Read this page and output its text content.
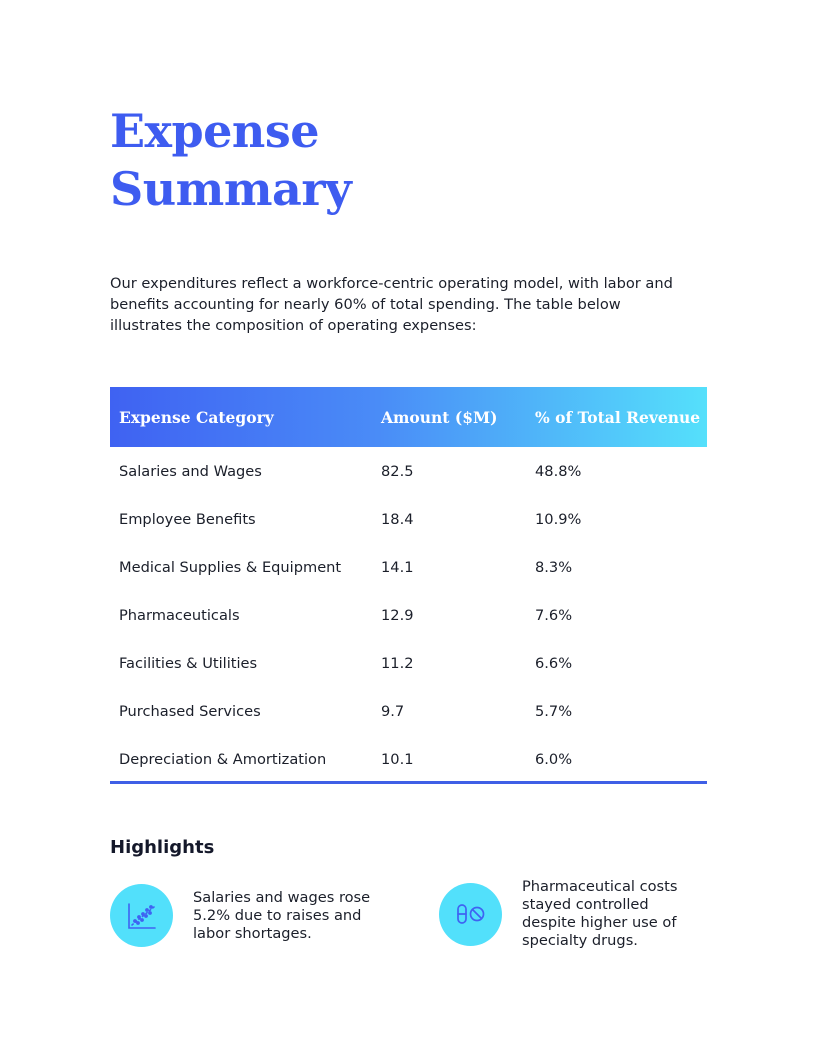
Expense
Summary

Our expenditures reflect a workforce-centric operating model, with labor and benefits accounting for nearly 60% of total spending. The table below illustrates the composition of operating expenses:

Expense Category	Amount ($M)	% of Total Revenue
Salaries and Wages	82.5	48.8%
Employee Benefits	18.4	10.9%
Medical Supplies & Equipment	14.1	8.3%
Pharmaceuticals	12.9	7.6%
Facilities & Utilities	11.2	6.6%
Purchased Services	9.7	5.7%
Depreciation & Amortization	10.1	6.0%
Highlights

Salaries and wages rose 5.2% due to raises and labor shortages.

Pharmaceutical costs stayed controlled despite higher use of specialty drugs.
